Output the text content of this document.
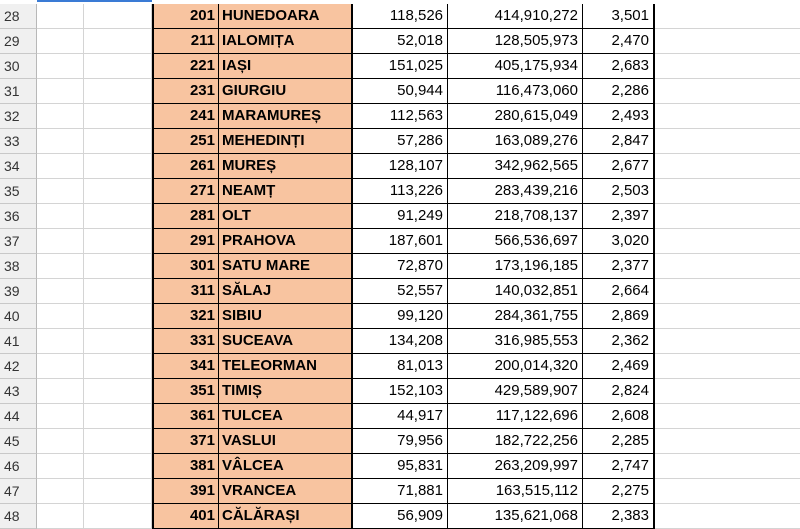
28	201 HUNEDOARA	118,526	414,910,272	3,501
29	211 IALOMIȚA	52,018	128,505,973	2,470
30	221 IAȘI	151,025	405,175,934	2,683
31	231 GIURGIU	50,944	116,473,060	2,286
32	241 MARAMUREȘ	112,563	280,615,049	2,493
33	251 MEHEDINȚI	57,286	163,089,276	2,847
34	261 MUREȘ	128,107	342,962,565	2,677
35	271 NEAMȚ	113,226	283,439,216	2,503
36	281 OLT	91,249	218,708,137	2,397
37	291 PRAHOVA	187,601	566,536,697	3,020
38	301 SATU MARE	72,870	173,196,185	2,377
39	311 SĂLAJ	52,557	140,032,851	2,664
40	321 SIBIU	99,120	284,361,755	2,869
41	331 SUCEAVA	134,208	316,985,553	2,362
42	341 TELEORMAN	81,013	200,014,320	2,469
43	351 TIMIȘ	152,103	429,589,907	2,824
44	361 TULCEA	44,917	117,122,696	2,608
45	371 VASLUI	79,956	182,722,256	2,285
46	381 VÂLCEA	95,831	263,209,997	2,747
47	391 VRANCEA	71,881	163,515,112	2,275
48	401 CĂLĂRAȘI	56,909	135,621,068	2,383
